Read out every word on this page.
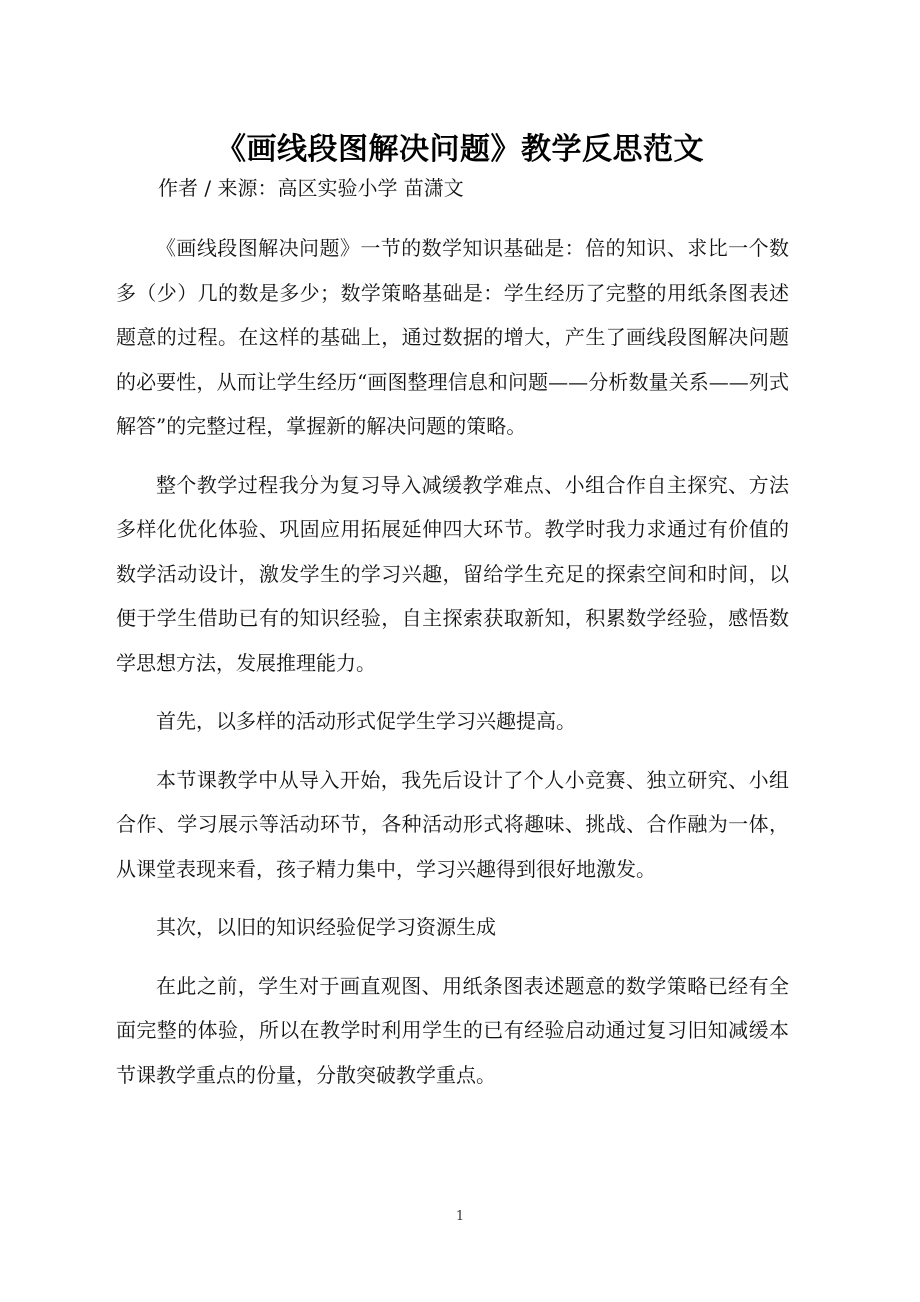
《画线段图解决问题》教学反思范文
作者 / 来源：高区实验小学 苗潇文

《画线段图解决问题》一节的数学知识基础是：倍的知识、求比一个数多（少）几的数是多少；数学策略基础是：学生经历了完整的用纸条图表述题意的过程。在这样的基础上，通过数据的增大，产生了画线段图解决问题的必要性，从而让学生经历“画图整理信息和问题——分析数量关系——列式解答”的完整过程，掌握新的解决问题的策略。

整个教学过程我分为复习导入减缓教学难点、小组合作自主探究、方法多样化优化体验、巩固应用拓展延伸四大环节。教学时我力求通过有价值的数学活动设计，激发学生的学习兴趣，留给学生充足的探索空间和时间，以便于学生借助已有的知识经验，自主探索获取新知，积累数学经验，感悟数学思想方法，发展推理能力。

首先，以多样的活动形式促学生学习兴趣提高。

本节课教学中从导入开始，我先后设计了个人小竞赛、独立研究、小组合作、学习展示等活动环节，各种活动形式将趣味、挑战、合作融为一体，从课堂表现来看，孩子精力集中，学习兴趣得到很好地激发。

其次，以旧的知识经验促学习资源生成

在此之前，学生对于画直观图、用纸条图表述题意的数学策略已经有全面完整的体验，所以在教学时利用学生的已有经验启动通过复习旧知减缓本节课教学重点的份量，分散突破教学重点。

1
